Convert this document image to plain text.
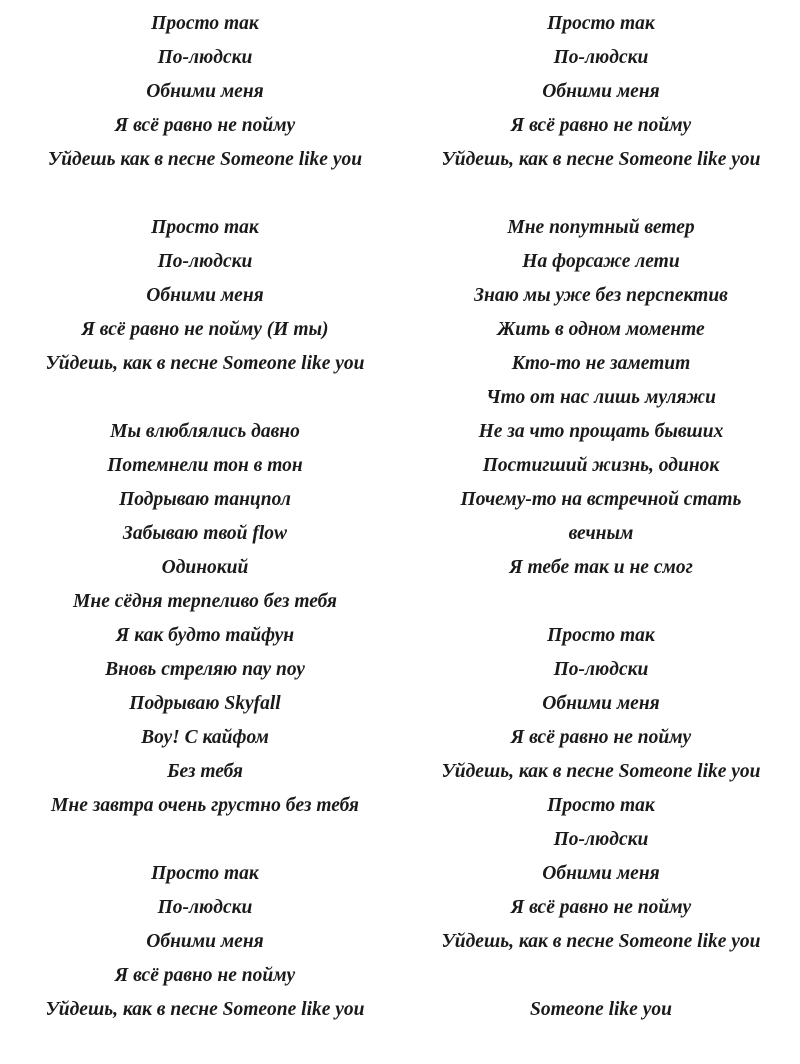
Просто так
По-людски
Обними меня
Я всё равно не пойму
Уйдешь как в песне Someone like you
Просто так
По-людски
Обними меня
Я всё равно не пойму (И ты)
Уйдешь, как в песне Someone like you
Мы влюблялись давно
Потемнели тон в тон
Подрываю танцпол
Забываю твой flow
Одинокий
Мне сёдня терпеливо без тебя
Я как будто тайфун
Вновь стреляю пау поу
Подрываю Skyfall
Воу! С кайфом
Без тебя
Мне завтра очень грустно без тебя
Просто так
По-людски
Обними меня
Я всё равно не пойму
Уйдешь, как в песне Someone like you
Просто так
По-людски
Обними меня
Я всё равно не пойму
Уйдешь, как в песне Someone like you
Мне попутный ветер
На форсаже лети
Знаю мы уже без перспектив
Жить в одном моменте
Кто-то не заметит
Что от нас лишь муляжи
Не за что прощать бывших
Постигший жизнь, одинок
Почему-то на встречной стать
вечным
Я тебе так и не смог
Просто так
По-людски
Обними меня
Я всё равно не пойму
Уйдешь, как в песне Someone like you
Просто так
По-людски
Обними меня
Я всё равно не пойму
Уйдешь, как в песне Someone like you
Someone like you
